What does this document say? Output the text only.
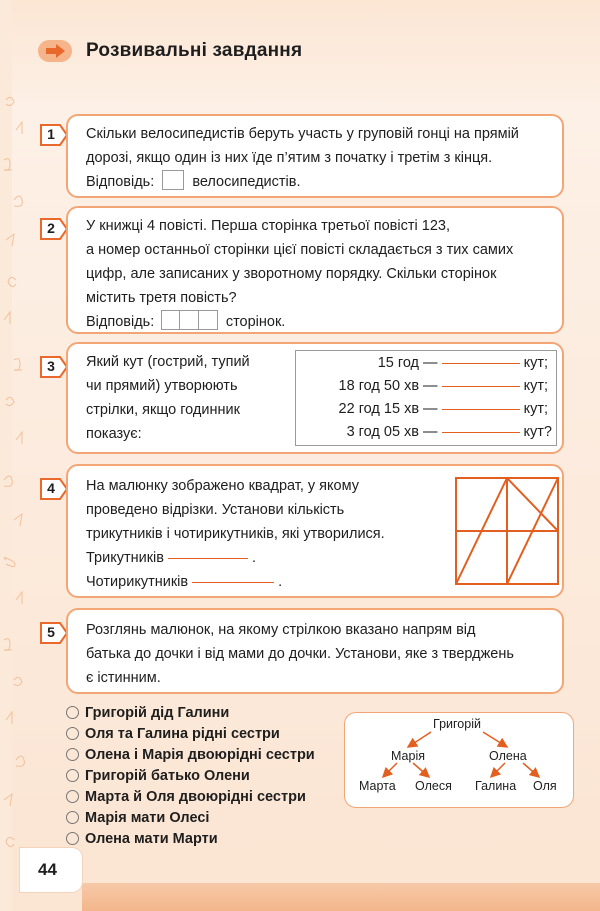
Розвивальні завдання
1	Скільки велосипедистів беруть участь у груповій гонці на прямій
дорозі, якщо один із них їде п’ятим з початку і третім з кінця.
Відповідь:	велосипедистів.
2	У книжці 4 повісті. Перша сторінка третьої повісті 123,
а номер останньої сторінки цієї повісті складається з тих самих
цифр, але записаних у зворотному порядку. Скільки сторінок
містить третя повість?
Відповідь:	сторінок.
3	Який кут (гострий, тупий
чи прямий) утворюють
стрілки, якщо годинник
показує:
15 год —	кут;
18 год 50 хв —	кут;
22 год 15 хв —	кут;
3 год 05 хв —	кут?
4	На малюнку зображено квадрат, у якому
проведено відрізки. Установи кількість
трикутників і чотирикутників, які утворилися.
Трикутників	.
Чотирикутників	.
5	Розглянь малюнок, на якому стрілкою вказано напрям від
батька до дочки і від мами до дочки. Установи, яке з тверджень
є істинним.
Григорій дід Галини
Оля та Галина рідні сестри
Олена і Марія двоюрідні сестри
Григорій батько Олени
Марта й Оля двоюрідні сестри
Марія мати Олесі
Олена мати Марти
Григорій
Марія	Олена
Марта Олеся Галина Оля
44
